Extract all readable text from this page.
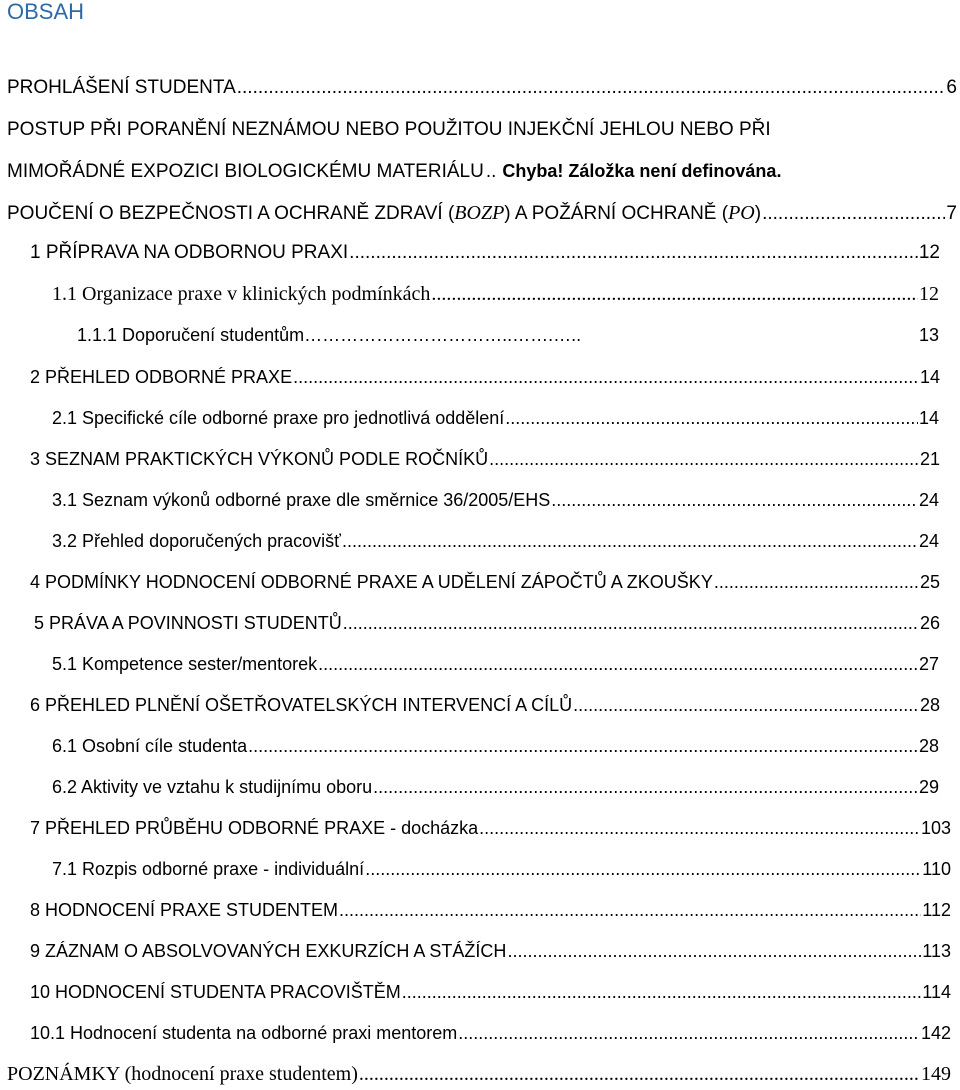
OBSAH
PROHLÁŠENÍ STUDENTA .....	6
POSTUP PŘI PORANĚNÍ NEZNÁMOU NEBO POUŽITOU INJEKČNÍ JEHLOU NEBO PŘI
MIMOŘÁDNÉ EXPOZICI BIOLOGICKÉMU MATERIÁLU .. Chyba! Záložka není definována.
POUČENÍ O BEZPEČNOSTI A OCHRANĚ ZDRAVÍ (BOZP) A POŽÁRNÍ OCHRANĚ (PO) .....	7
1 PŘÍPRAVA NA ODBORNOU PRAXI .....	12
1.1 Organizace praxe v klinických podmínkách .....	12
1.1.1 Doporučení studentům ……………………………..…….…..	13
2 PŘEHLED ODBORNÉ PRAXE .....	14
2.1 Specifické cíle odborné praxe pro jednotlivá oddělení .....	14
3 SEZNAM PRAKTICKÝCH VÝKONŮ PODLE ROČNÍKŮ .....	21
3.1 Seznam výkonů odborné praxe dle směrnice 36/2005/EHS .....	24
3.2 Přehled doporučených pracovišť .....	24
4 PODMÍNKY HODNOCENÍ ODBORNÉ PRAXE A UDĚLENÍ ZÁPOČTŮ A ZKOUŠKY .....	25
5 PRÁVA A POVINNOSTI STUDENTŮ .....	26
5.1 Kompetence sester/mentorek .....	27
6 PŘEHLED PLNĚNÍ OŠETŘOVATELSKÝCH INTERVENCÍ A CÍLŮ .....	28
6.1 Osobní cíle studenta .....	28
6.2 Aktivity ve vztahu k studijnímu oboru .....	29
7 PŘEHLED PRŮBĚHU ODBORNÉ PRAXE - docházka .....	103
7.1 Rozpis odborné praxe - individuální .....	110
8 HODNOCENÍ PRAXE STUDENTEM .....	112
9 ZÁZNAM O ABSOLVOVANÝCH EXKURZÍCH A STÁŽÍCH .....	113
10 HODNOCENÍ STUDENTA PRACOVIŠTĚM .....	114
10.1 Hodnocení studenta na odborné praxi mentorem .....	142
POZNÁMKY (hodnocení praxe studentem) .....	149
